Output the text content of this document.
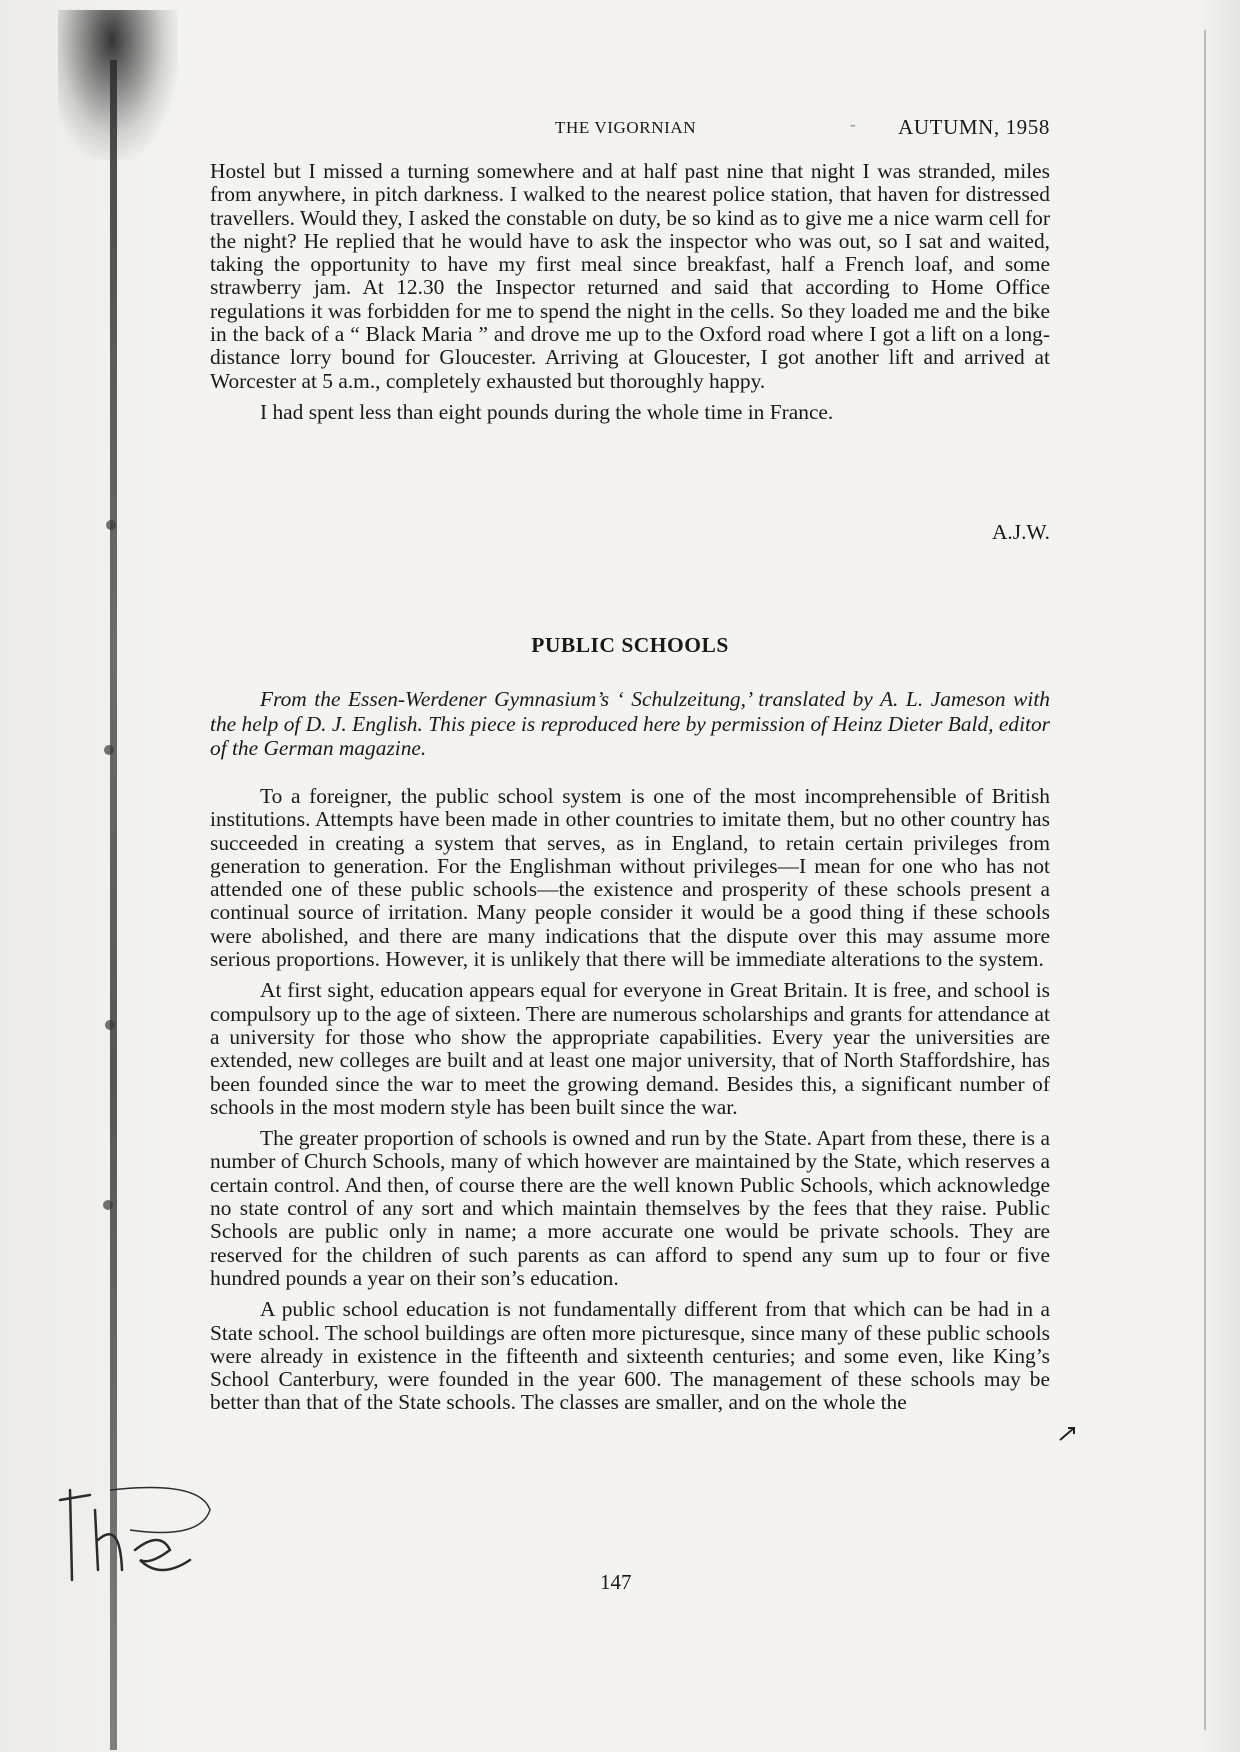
THE VIGORNIAN	- AUTUMN, 1958

Hostel but I missed a turning somewhere and at half past nine that night I was stranded, miles from anywhere, in pitch darkness. I walked to the nearest police station, that haven for distressed travellers. Would they, I asked the constable on duty, be so kind as to give me a nice warm cell for the night? He replied that he would have to ask the inspector who was out, so I sat and waited, taking the opportunity to have my first meal since breakfast, half a French loaf, and some strawberry jam. At 12.30 the Inspector returned and said that according to Home Office regulations it was forbidden for me to spend the night in the cells. So they loaded me and the bike in the back of a “ Black Maria ” and drove me up to the Oxford road where I got a lift on a long-distance lorry bound for Gloucester. Arriving at Gloucester, I got another lift and arrived at Worcester at 5 a.m., completely exhausted but thoroughly happy.

I had spent less than eight pounds during the whole time in France.

A.J.W.
PUBLIC SCHOOLS

From the Essen-Werdener Gymnasium’s ‘ Schulzeitung,’ translated by A. L. Jameson with the help of D. J. English. This piece is reproduced here by permission of Heinz Dieter Bald, editor of the German magazine.

To a foreigner, the public school system is one of the most incomprehensible of British institutions. Attempts have been made in other countries to imitate them, but no other country has succeeded in creating a system that serves, as in England, to retain certain privileges from generation to generation. For the Englishman without privileges—I mean for one who has not attended one of these public schools—the existence and prosperity of these schools present a continual source of irritation. Many people consider it would be a good thing if these schools were abolished, and there are many indications that the dispute over this may assume more serious proportions. However, it is unlikely that there will be immediate alterations to the system.

At first sight, education appears equal for everyone in Great Britain. It is free, and school is compulsory up to the age of sixteen. There are numerous scholarships and grants for attendance at a university for those who show the appropriate capabilities. Every year the universities are extended, new colleges are built and at least one major university, that of North Staffordshire, has been founded since the war to meet the growing demand. Besides this, a significant number of schools in the most modern style has been built since the war.

The greater proportion of schools is owned and run by the State. Apart from these, there is a number of Church Schools, many of which however are maintained by the State, which reserves a certain control. And then, of course there are the well known Public Schools, which acknowledge no state control of any sort and which maintain themselves by the fees that they raise. Public Schools are public only in name; a more accurate one would be private schools. They are reserved for the children of such parents as can afford to spend any sum up to four or five hundred pounds a year on their son’s education.

A public school education is not fundamentally different from that which can be had in a State school. The school buildings are often more picturesque, since many of these public schools were already in existence in the fifteenth and sixteenth centuries; and some even, like King’s School Canterbury, were founded in the year 600. The management of these schools may be better than that of the State schools. The classes are smaller, and on the whole the

147
